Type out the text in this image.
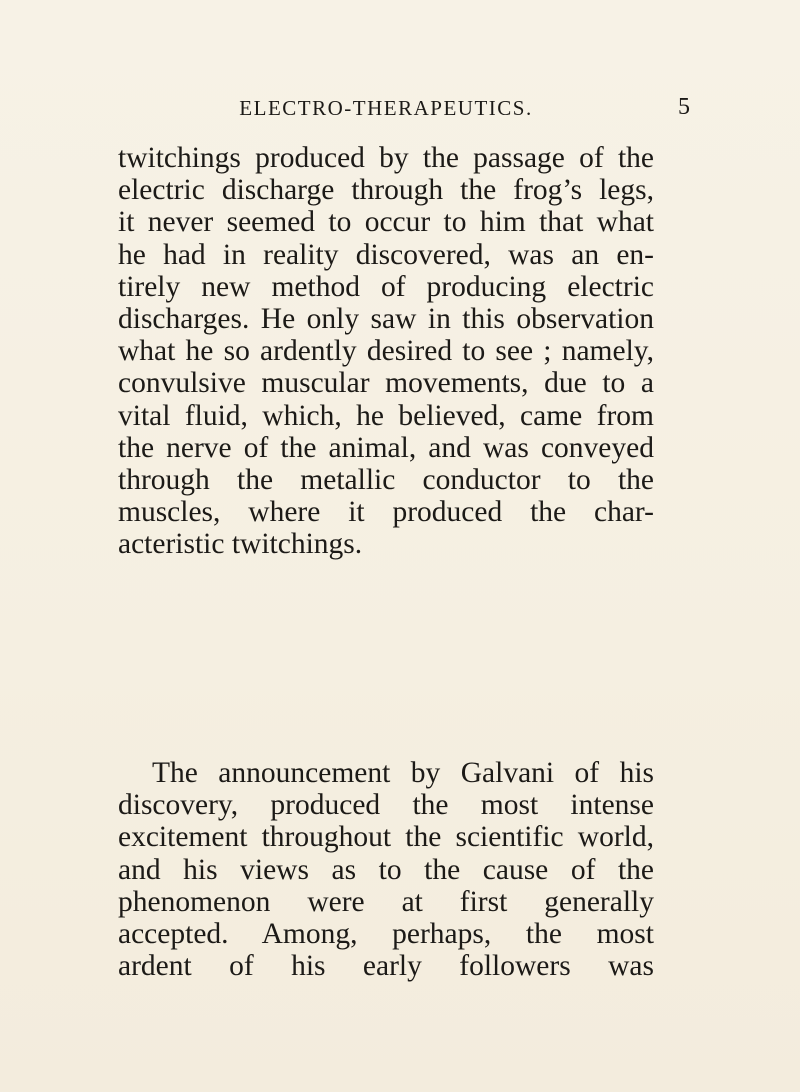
ELECTRO-THERAPEUTICS.	5

twitchings produced by the passage of the
electric discharge through the frog’s legs,
it never seemed to occur to him that what
he had in reality discovered, was an en-
tirely new method of producing electric
discharges. He only saw in this observation
what he so ardently desired to see ; namely,
convulsive muscular movements, due to a
vital fluid, which, he believed, came from
the nerve of the animal, and was conveyed
through the metallic conductor to the
muscles, where it produced the char-
acteristic twitchings.

The announcement by Galvani of his
discovery, produced the most intense
excitement throughout the scientific world,
and his views as to the cause of the
phenomenon were at first generally
accepted. Among, perhaps, the most
ardent of his early followers was
